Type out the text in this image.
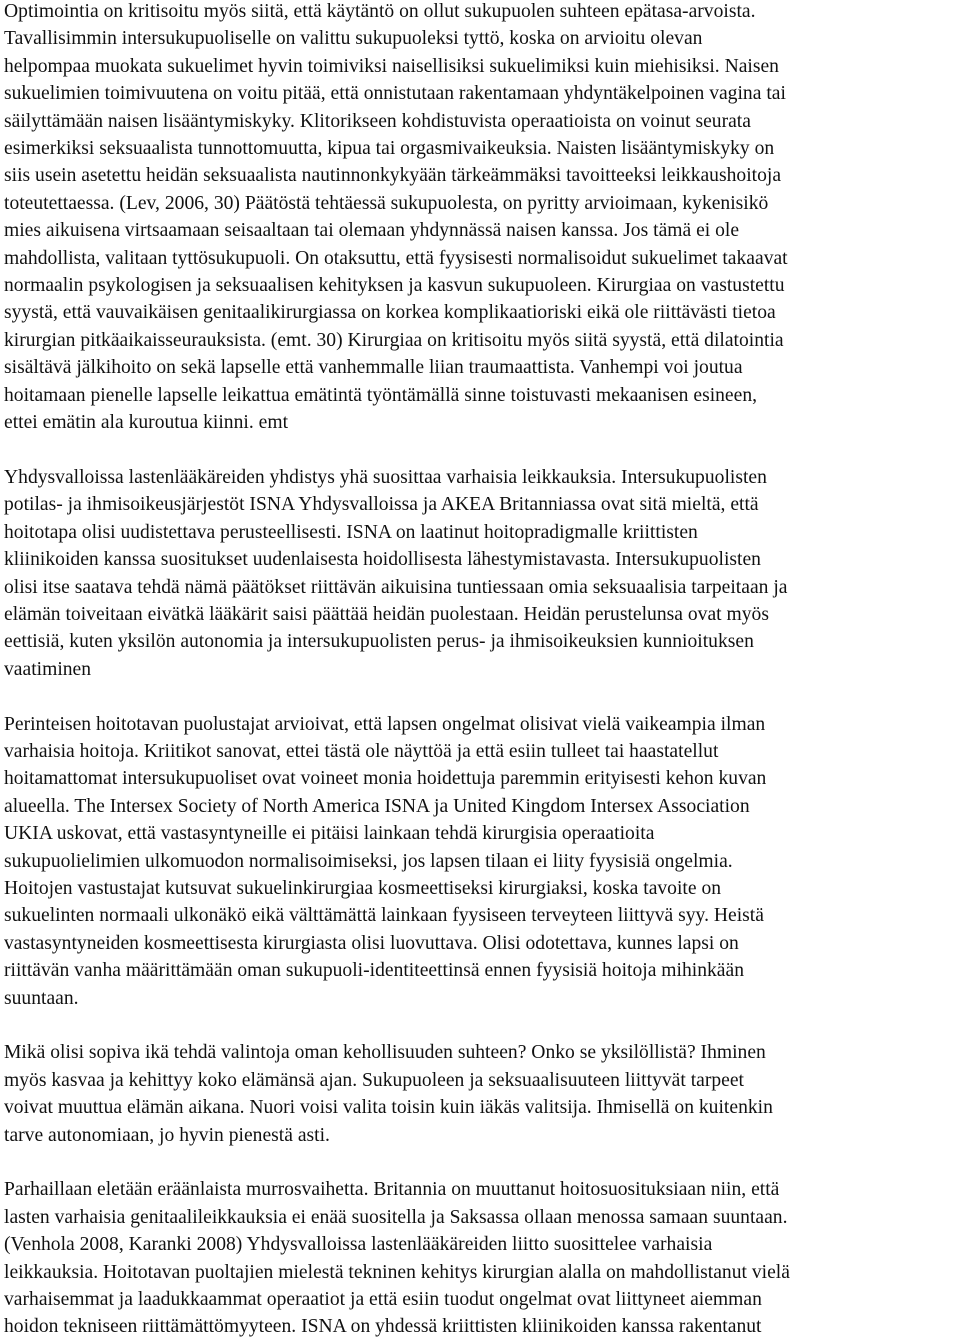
Optimointia on kritisoitu myös siitä, että käytäntö on ollut sukupuolen suhteen epätasa-arvoista.
Tavallisimmin intersukupuoliselle on valittu sukupuoleksi tyttö, koska on arvioitu olevan
helpompaa muokata sukuelimet hyvin toimiviksi naisellisiksi sukuelimiksi kuin miehisiksi. Naisen
sukuelimien toimivuutena on voitu pitää, että onnistutaan rakentamaan yhdyntäkelpoinen vagina tai
säilyttämään naisen lisääntymiskyky. Klitorikseen kohdistuvista operaatioista on voinut seurata
esimerkiksi seksuaalista tunnottomuutta, kipua tai orgasmivaikeuksia. Naisten lisääntymiskyky on
siis usein asetettu heidän seksuaalista nautinnonkykyään tärkeämmäksi tavoitteeksi leikkaushoitoja
toteutettaessa. (Lev, 2006, 30) Päätöstä tehtäessä sukupuolesta, on pyritty arvioimaan, kykenisikö
mies aikuisena virtsaamaan seisaaltaan tai olemaan yhdynnässä naisen kanssa. Jos tämä ei ole
mahdollista, valitaan tyttösukupuoli. On otaksuttu, että fyysisesti normalisoidut sukuelimet takaavat
normaalin psykologisen ja seksuaalisen kehityksen ja kasvun sukupuoleen. Kirurgiaa on vastustettu
syystä, että vauvaikäisen genitaalikirurgiassa on korkea komplikaatioriski eikä ole riittävästi tietoa
kirurgian pitkäaikaisseurauksista. (emt. 30) Kirurgiaa on kritisoitu myös siitä syystä, että dilatointia
sisältävä jälkihoito on sekä lapselle että vanhemmalle liian traumaattista. Vanhempi voi joutua
hoitamaan pienelle lapselle leikattua emätintä työntämällä sinne toistuvasti mekaanisen esineen,
ettei emätin ala kuroutua kiinni. emt
Yhdysvalloissa lastenlääkäreiden yhdistys yhä suosittaa varhaisia leikkauksia. Intersukupuolisten
potilas- ja ihmisoikeusjärjestöt ISNA Yhdysvalloissa ja AKEA Britanniassa ovat sitä mieltä, että
hoitotapa olisi uudistettava perusteellisesti. ISNA on laatinut hoitopradigmalle kriittisten
kliinikoiden kanssa suositukset uudenlaisesta hoidollisesta lähestymistavasta. Intersukupuolisten
olisi itse saatava tehdä nämä päätökset riittävän aikuisina tuntiessaan omia seksuaalisia tarpeitaan ja
elämän toiveitaan eivätkä lääkärit saisi päättää heidän puolestaan. Heidän perustelunsa ovat myös
eettisiä, kuten yksilön autonomia ja intersukupuolisten perus- ja ihmisoikeuksien kunnioituksen
vaatiminen
Perinteisen hoitotavan puolustajat arvioivat, että lapsen ongelmat olisivat vielä vaikeampia ilman
varhaisia hoitoja. Kriitikot sanovat, ettei tästä ole näyttöä ja että esiin tulleet tai haastatellut
hoitamattomat intersukupuoliset ovat voineet monia hoidettuja paremmin erityisesti kehon kuvan
alueella. The Intersex Society of North America ISNA ja United Kingdom Intersex Association
UKIA uskovat, että vastasyntyneille ei pitäisi lainkaan tehdä kirurgisia operaatioita
sukupuolielimien ulkomuodon normalisoimiseksi, jos lapsen tilaan ei liity fyysisiä ongelmia.
Hoitojen vastustajat kutsuvat sukuelinkirurgiaa kosmeettiseksi kirurgiaksi, koska tavoite on
sukuelinten normaali ulkonäkö eikä välttämättä lainkaan fyysiseen terveyteen liittyvä syy. Heistä
vastasyntyneiden kosmeettisesta kirurgiasta olisi luovuttava. Olisi odotettava, kunnes lapsi on
riittävän vanha määrittämään oman sukupuoli-identiteettinsä ennen fyysisiä hoitoja mihinkään
suuntaan.
Mikä olisi sopiva ikä tehdä valintoja oman kehollisuuden suhteen? Onko se yksilöllistä? Ihminen
myös kasvaa ja kehittyy koko elämänsä ajan. Sukupuoleen ja seksuaalisuuteen liittyvät tarpeet
voivat muuttua elämän aikana. Nuori voisi valita toisin kuin iäkäs valitsija. Ihmisellä on kuitenkin
tarve autonomiaan, jo hyvin pienestä asti.
Parhaillaan eletään eräänlaista murrosvaihetta. Britannia on muuttanut hoitosuosituksiaan niin, että
lasten varhaisia genitaalileikkauksia ei enää suositella ja Saksassa ollaan menossa samaan suuntaan.
(Venhola 2008, Karanki 2008) Yhdysvalloissa lastenlääkäreiden liitto suosittelee varhaisia
leikkauksia. Hoitotavan puoltajien mielestä tekninen kehitys kirurgian alalla on mahdollistanut vielä
varhaisemmat ja laadukkaammat operaatiot ja että esiin tuodut ongelmat ovat liittyneet aiemman
hoidon tekniseen riittämättömyyteen. ISNA on yhdessä kriittisten kliinikoiden kanssa rakentanut
